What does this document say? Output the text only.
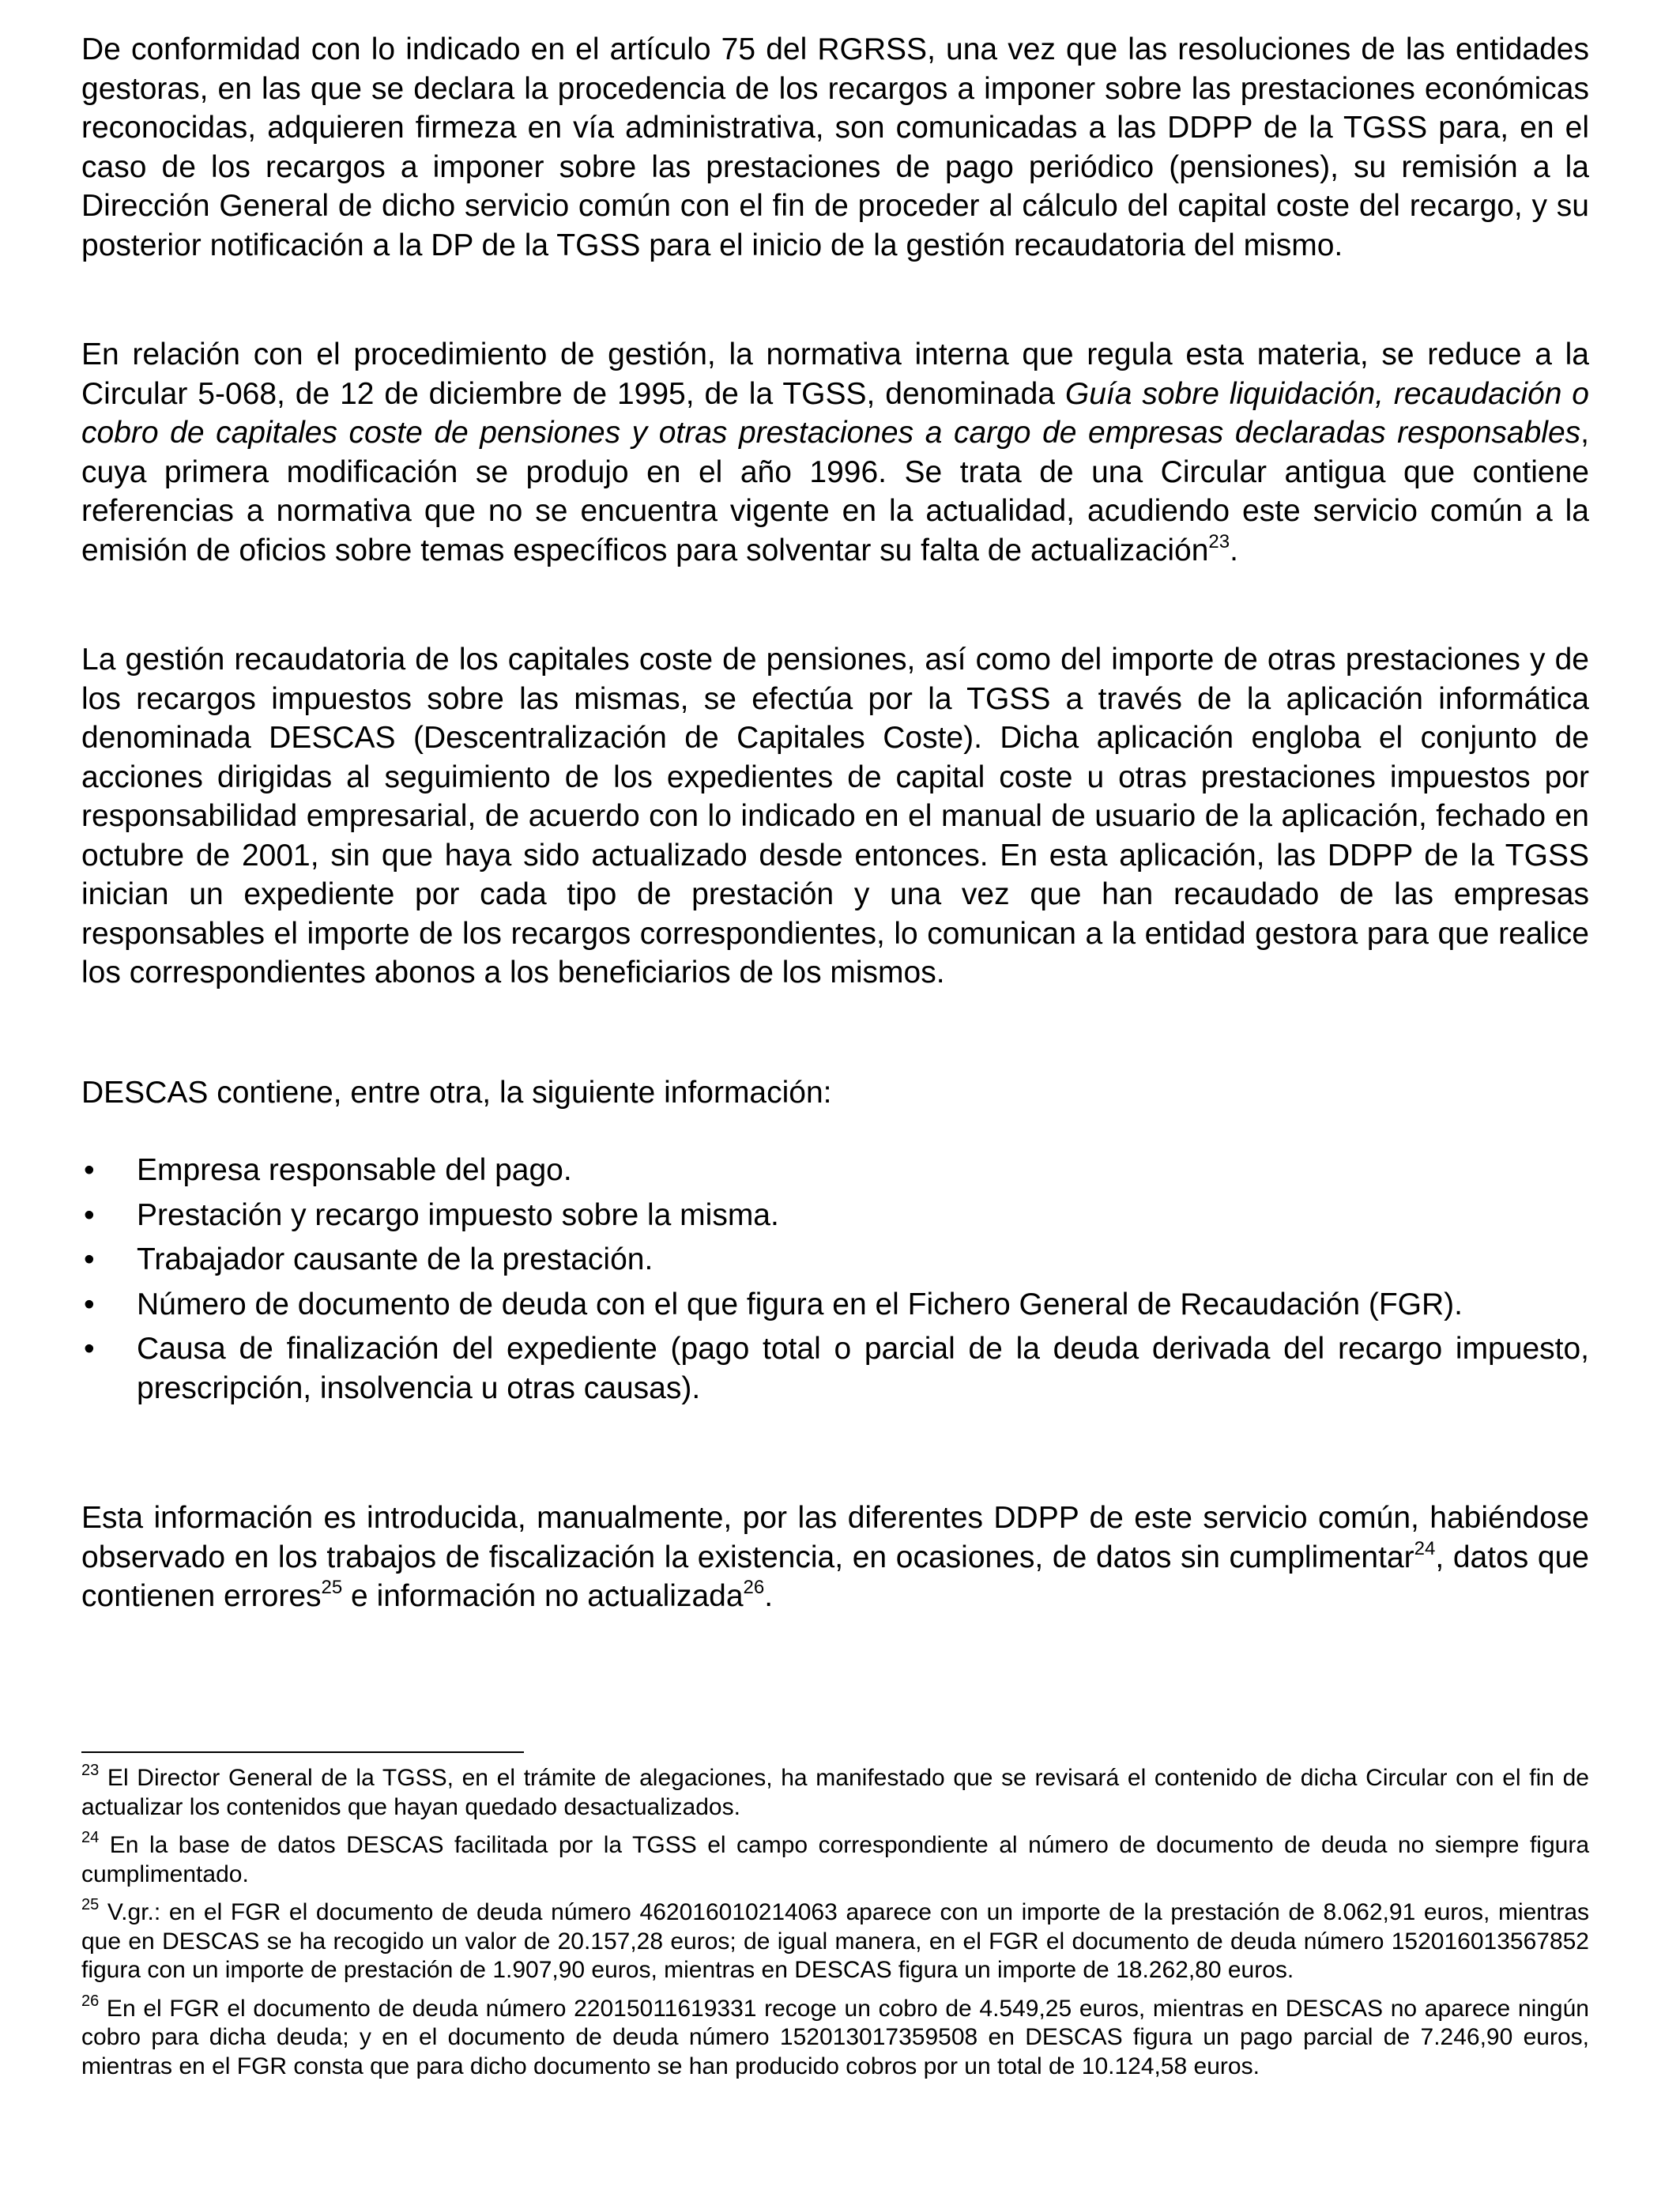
De conformidad con lo indicado en el artículo 75 del RGRSS, una vez que las resoluciones de las entidades gestoras, en las que se declara la procedencia de los recargos a imponer sobre las prestaciones económicas reconocidas, adquieren firmeza en vía administrativa, son comunicadas a las DDPP de la TGSS para, en el caso de los recargos a imponer sobre las prestaciones de pago periódico (pensiones), su remisión a la Dirección General de dicho servicio común con el fin de proceder al cálculo del capital coste del recargo, y su posterior notificación a la DP de la TGSS para el inicio de la gestión recaudatoria del mismo.

En relación con el procedimiento de gestión, la normativa interna que regula esta materia, se reduce a la Circular 5-068, de 12 de diciembre de 1995, de la TGSS, denominada Guía sobre liquidación, recaudación o cobro de capitales coste de pensiones y otras prestaciones a cargo de empresas declaradas responsables, cuya primera modificación se produjo en el año 1996. Se trata de una Circular antigua que contiene referencias a normativa que no se encuentra vigente en la actualidad, acudiendo este servicio común a la emisión de oficios sobre temas específicos para solventar su falta de actualización$^{23}$.

La gestión recaudatoria de los capitales coste de pensiones, así como del importe de otras prestaciones y de los recargos impuestos sobre las mismas, se efectúa por la TGSS a través de la aplicación informática denominada DESCAS (Descentralización de Capitales Coste). Dicha aplicación engloba el conjunto de acciones dirigidas al seguimiento de los expedientes de capital coste u otras prestaciones impuestos por responsabilidad empresarial, de acuerdo con lo indicado en el manual de usuario de la aplicación, fechado en octubre de 2001, sin que haya sido actualizado desde entonces. En esta aplicación, las DDPP de la TGSS inician un expediente por cada tipo de prestación y una vez que han recaudado de las empresas responsables el importe de los recargos correspondientes, lo comunican a la entidad gestora para que realice los correspondientes abonos a los beneficiarios de los mismos.

DESCAS contiene, entre otra, la siguiente información:

• Empresa responsable del pago.
• Prestación y recargo impuesto sobre la misma.
• Trabajador causante de la prestación.
• Número de documento de deuda con el que figura en el Fichero General de Recaudación (FGR).
• Causa de finalización del expediente (pago total o parcial de la deuda derivada del recargo impuesto, prescripción, insolvencia u otras causas).

Esta información es introducida, manualmente, por las diferentes DDPP de este servicio común, habiéndose observado en los trabajos de fiscalización la existencia, en ocasiones, de datos sin cumplimentar$^{24}$, datos que contienen errores$^{25}$ e información no actualizada$^{26}$.

$^{23}$ El Director General de la TGSS, en el trámite de alegaciones, ha manifestado que se revisará el contenido de dicha Circular con el fin de actualizar los contenidos que hayan quedado desactualizados.

$^{24}$ En la base de datos DESCAS facilitada por la TGSS el campo correspondiente al número de documento de deuda no siempre figura cumplimentado.

$^{25}$ V.gr.: en el FGR el documento de deuda número 462016010214063 aparece con un importe de la prestación de 8.062,91 euros, mientras que en DESCAS se ha recogido un valor de 20.157,28 euros; de igual manera, en el FGR el documento de deuda número 152016013567852 figura con un importe de prestación de 1.907,90 euros, mientras en DESCAS figura un importe de 18.262,80 euros.

$^{26}$ En el FGR el documento de deuda número 22015011619331 recoge un cobro de 4.549,25 euros, mientras en DESCAS no aparece ningún cobro para dicha deuda; y en el documento de deuda número 152013017359508 en DESCAS figura un pago parcial de 7.246,90 euros, mientras en el FGR consta que para dicho documento se han producido cobros por un total de 10.124,58 euros.
